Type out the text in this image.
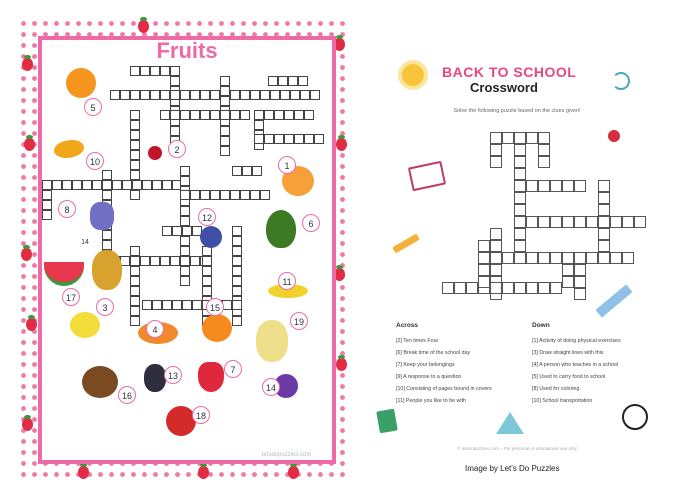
Fruits
1
2
3
4
5
6
7
8
10
11
12
13
14
15
16
17
18
19
14
letsdopuzzles.com
BACK TO SCHOOL
Crossword
Solve the following puzzle based on the clues given!
Across	Down
[2] Ten times Four
[6] Break time of the school day
[7] Keep your belongings
[9] A response to a question
[10] Consisting of pages bound in covers
[11] People you like to be with
[1] Activity of doing physical exercises
[3] Draw straight lines with this
[4] A person who teaches in a school
[5] Used to carry food to school
[8] Used for coloring
[10] School transportation
© letsdopuzzles.com – For personal or educational use only
Image by Let's Do Puzzles
